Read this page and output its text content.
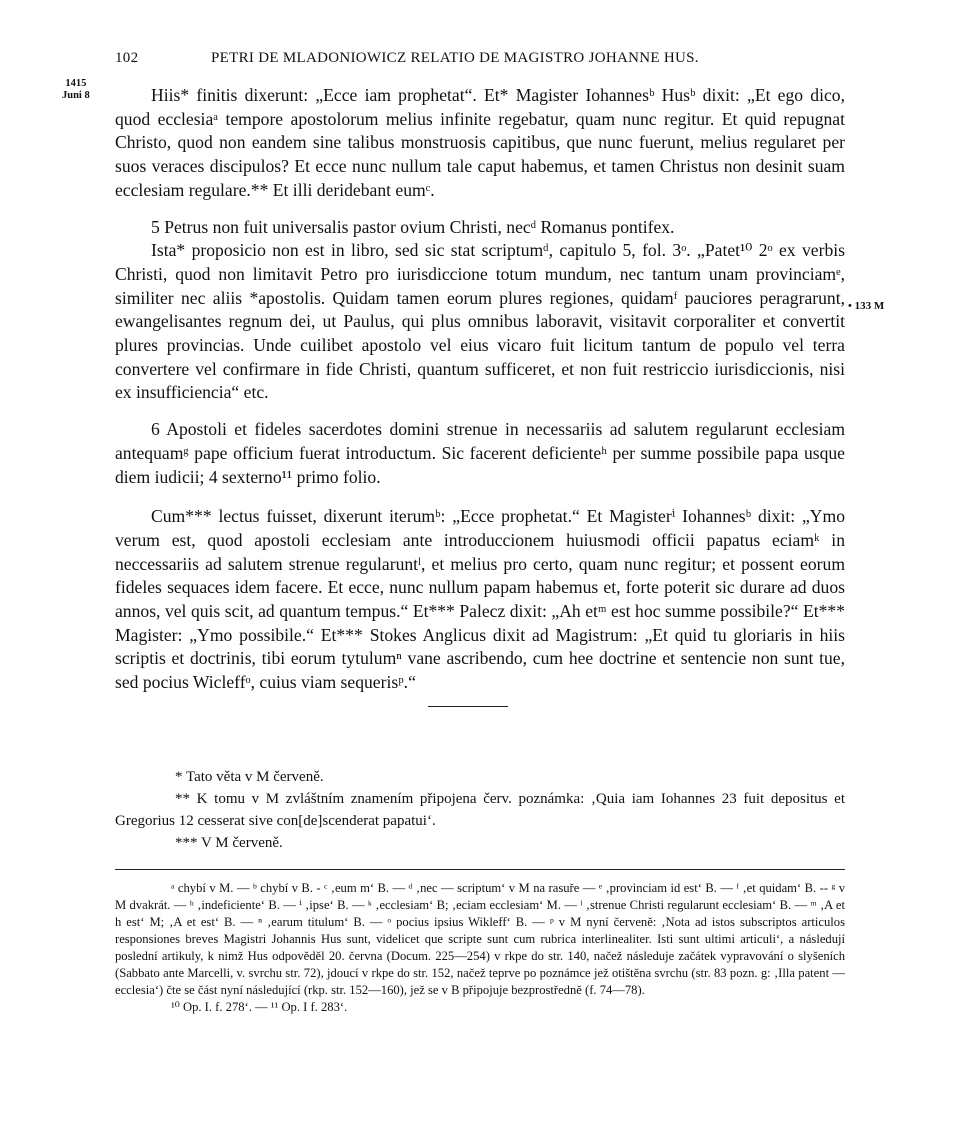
102	PETRI DE MLADONIOWICZ RELATIO DE MAGISTRO JOHANNE HUS.
1415
Juni 8
• 133 M

Hiis* finitis dixerunt: „Ecce iam prophetat“. Et* Magister Iohannesᵇ Husᵇ dixit: „Et ego dico, quod ecclesiaᵃ tempore apostolorum melius infinite regebatur, quam nunc regitur. Et quid repugnat Christo, quod non eandem sine talibus monstruosis capitibus, que nunc fuerunt, melius regularet per suos veraces discipulos? Et ecce nunc nullum tale caput habemus, et tamen Christus non desinit suam ecclesiam regulare.** Et illi deridebant eumᶜ.

5 Petrus non fuit universalis pastor ovium Christi, necᵈ Romanus pontifex.

Ista* proposicio non est in libro, sed sic stat scriptumᵈ, capitulo 5, fol. 3ᵒ. „Patet¹⁰ 2ᵒ ex verbis Christi, quod non limitavit Petro pro iurisdiccione totum mundum, nec tantum unam provinciamᵉ, similiter nec aliis *apostolis. Quidam tamen eorum plures regiones, quidamᶠ pauciores peragrarunt, ewangelisantes regnum dei, ut Paulus, qui plus omnibus laboravit, visitavit corporaliter et convertit plures provincias. Unde cuilibet apostolo vel eius vicaro fuit licitum tantum de populo vel terra convertere vel confirmare in fide Christi, quantum sufficeret, et non fuit restriccio iurisdiccionis, nisi ex insufficiencia“ etc.

6 Apostoli et fideles sacerdotes domini strenue in necessariis ad salutem regularunt ecclesiam antequamᵍ pape officium fuerat introductum. Sic facerent deficienteʰ per summe possibile papa usque diem iudicii; 4 sexterno¹¹ primo folio.

Cum*** lectus fuisset, dixerunt iterumᵇ: „Ecce prophetat.“ Et Magisterⁱ Iohannesᵇ dixit: „Ymo verum est, quod apostoli ecclesiam ante introduccionem huiusmodi officii papatus eciamᵏ in neccessariis ad salutem strenue regularuntˡ, et melius pro certo, quam nunc regitur; et possent eorum fideles sequaces idem facere. Et ecce, nunc nullum papam habemus et, forte poterit sic durare ad duos annos, vel quis scit, ad quantum tempus.“ Et*** Palecz dixit: „Ah etᵐ est hoc summe possibile?“ Et*** Magister: „Ymo possibile.“ Et*** Stokes Anglicus dixit ad Magistrum: „Et quid tu gloriaris in hiis scriptis et doctrinis, tibi eorum tytulumⁿ vane ascribendo, cum hee doctrine et sentencie non sunt tue, sed pocius Wicleffᵒ, cuius viam sequerisᵖ.“

* Tato věta v M červeně.

** K tomu v M zvláštním znamením připojena červ. poznámka: ‚Quia iam Iohannes 23 fuit depositus et Gregorius 12 cesserat sive con[de]scenderat papatui‘.

*** V M červeně.

ᵃ chybí v M. — ᵇ chybí v B. - ᶜ ‚eum m‘ B. — ᵈ ‚nec — scriptum‘ v M na rasuře — ᵉ ‚provinciam id est‘ B. — ᶠ ‚et quidam‘ B. -- ᵍ v M dvakrát. — ʰ ‚indeficiente‘ B. — ⁱ ‚ipse‘ B. — ᵏ ‚ecclesiam‘ B; ‚eciam ecclesiam‘ M. — ˡ ‚strenue Christi regularunt ecclesiam‘ B. — ᵐ ‚A et h est‘ M; ‚A et est‘ B. — ⁿ ‚earum titulum‘ B. — ᵒ pocius ipsius Wikleff‘ B. — ᵖ v M nyní červeně: ‚Nota ad istos subscriptos articulos responsiones breves Magistri Johannis Hus sunt, videlicet que scripte sunt cum rubrica interlinealiter. Isti sunt ultimi articuli‘, a následují poslední artikuly, k nimž Hus odpověděl 20. června (Docum. 225—254) v rkpe do str. 140, načež následuje začátek vypravování o slyšeních (Sabbato ante Marcelli, v. svrchu str. 72), jdoucí v rkpe do str. 152, načež teprve po poznámce jež otištěna svrchu (str. 83 pozn. g: ‚Illa patent — ecclesia‘) čte se část nyní následující (rkp. str. 152—160), jež se v B připojuje bezprostředně (f. 74—78).

¹⁰ Op. I. f. 278‘. — ¹¹ Op. I f. 283‘.
